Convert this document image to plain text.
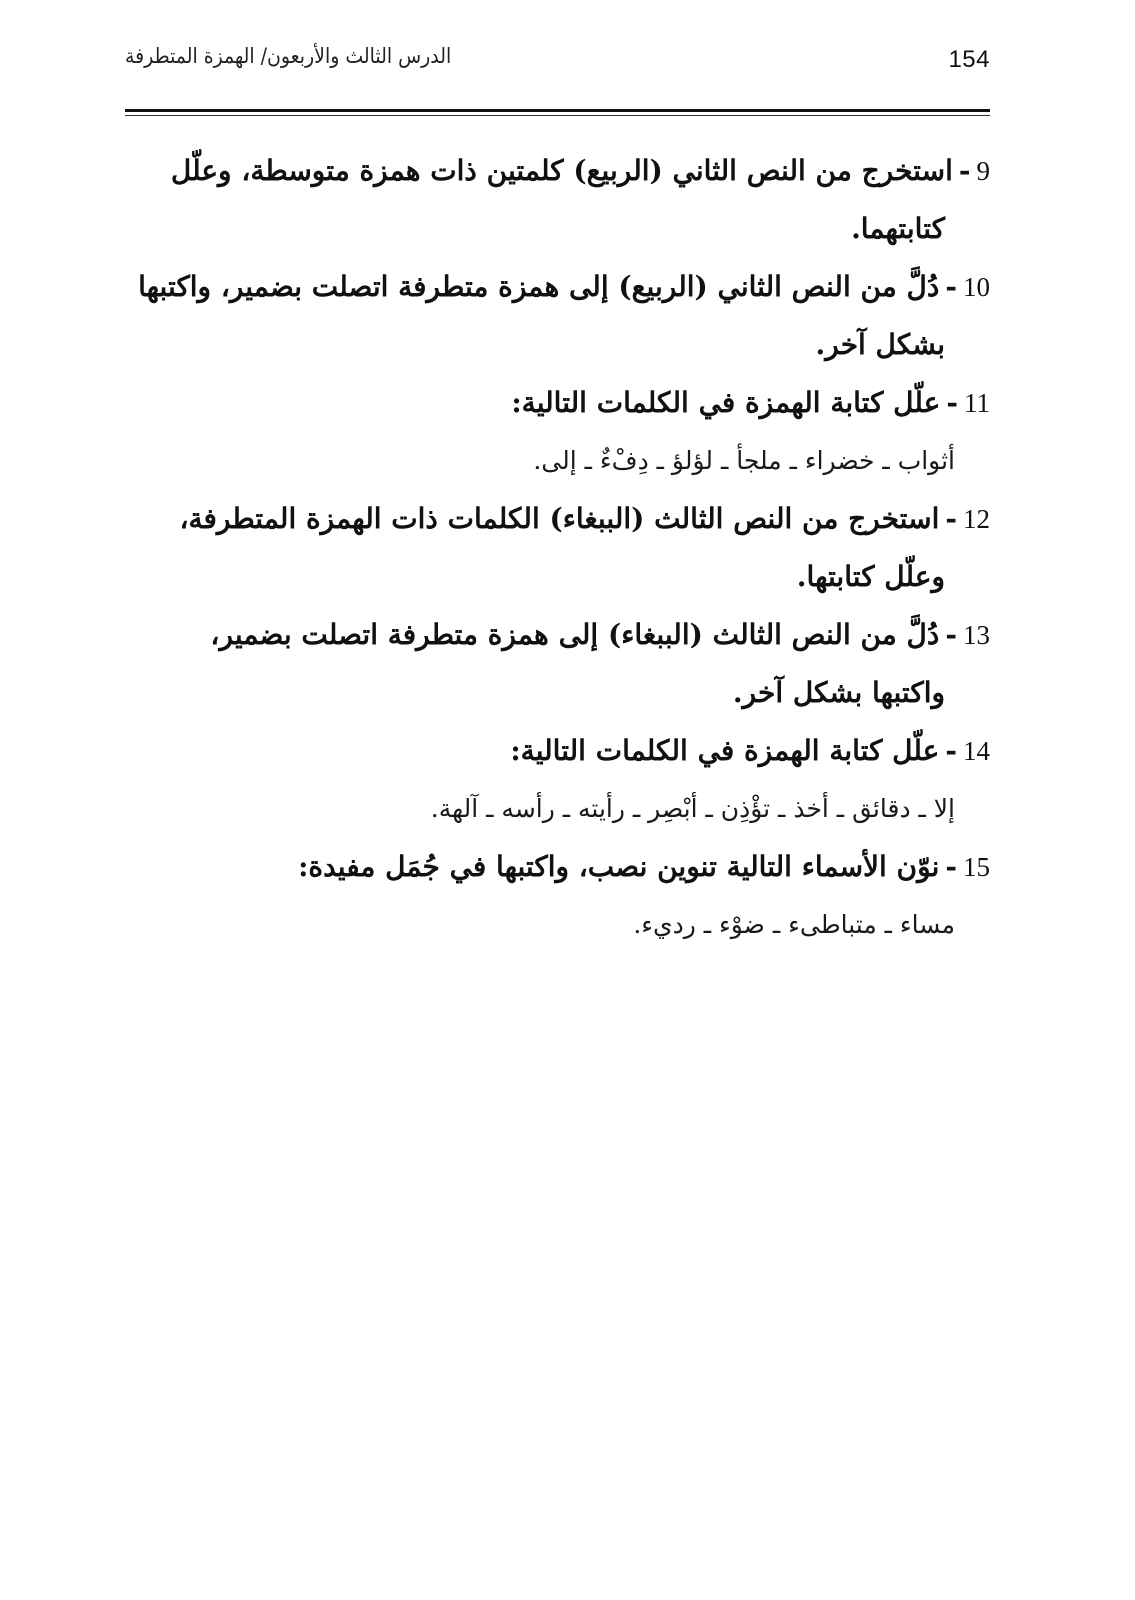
154
الدرس الثالث والأربعون/ الهمزة المتطرفة
9-استخرج من النص الثاني (الربيع) كلمتين ذات همزة متوسطة، وعلّل
كتابتهما.
10-دُلَّ من النص الثاني (الربيع) إلى همزة متطرفة اتصلت بضمير، واكتبها
بشكل آخر.
11-علّل كتابة الهمزة في الكلمات التالية:
أثواب ـ خضراء ـ ملجأ ـ لؤلؤ ـ دِفْءٌ ـ إلى.
12-استخرج من النص الثالث (الببغاء) الكلمات ذات الهمزة المتطرفة،
وعلّل كتابتها.
13-دُلَّ من النص الثالث (الببغاء) إلى همزة متطرفة اتصلت بضمير،
واكتبها بشكل آخر.
14-علّل كتابة الهمزة في الكلمات التالية:
إلا ـ دقائق ـ أخذ ـ تؤْذِن ـ أبْصِر ـ رأيته ـ رأسه ـ آلهة.
15-نوّن الأسماء التالية تنوين نصب، واكتبها في جُمَل مفيدة:
مساء ـ متباطىء ـ ضوْء ـ رديء.
